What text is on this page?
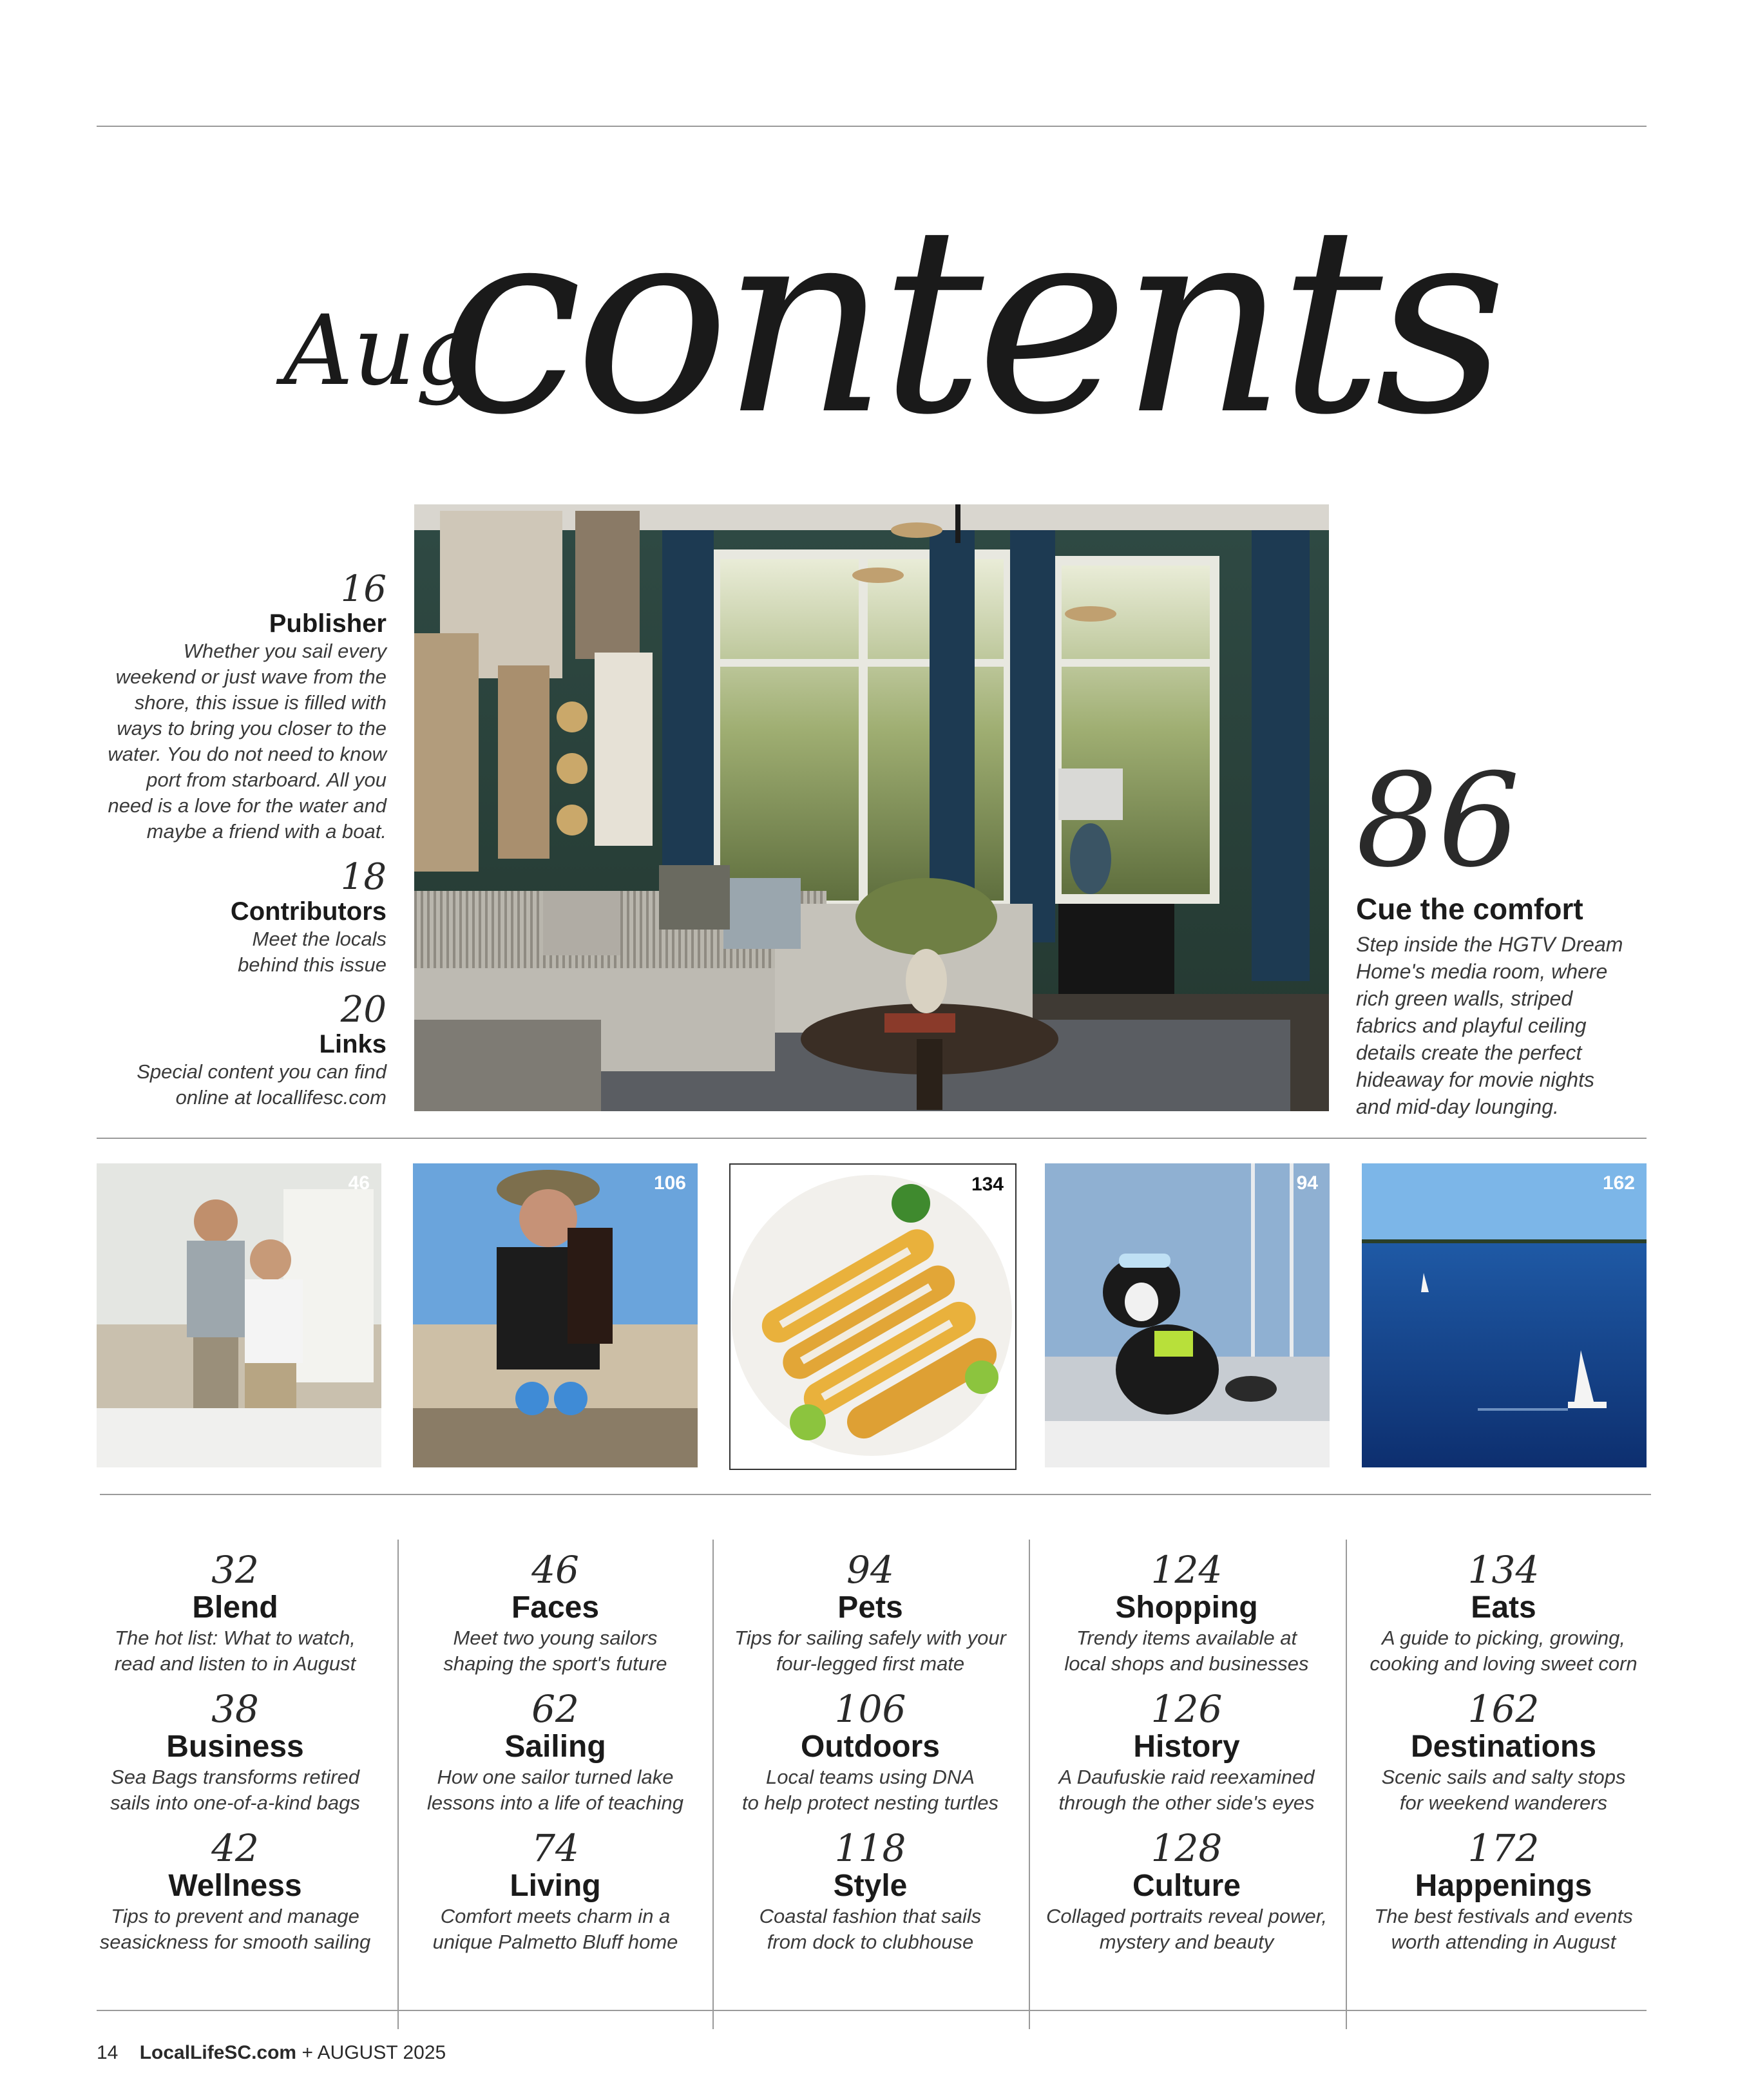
Aug
contents
16
Publisher
Whether you sail every
weekend or just wave from the
shore, this issue is filled with
ways to bring you closer to the
water. You do not need to know
port from starboard. All you
need is a love for the water and
maybe a friend with a boat.
18
Contributors
Meet the locals
behind this issue
20
Links
Special content you can find
online at locallifesc.com
86
Cue the comfort
Step inside the HGTV Dream
Home's media room, where
rich green walls, striped
fabrics and playful ceiling
details create the perfect
hideaway for movie nights
and mid-day lounging.
46	106	134	94	162
32
Blend
The hot list: What to watch,
read and listen to in August
38
Business
Sea Bags transforms retired
sails into one-of-a-kind bags
42
Wellness
Tips to prevent and manage
seasickness for smooth sailing
46
Faces
Meet two young sailors
shaping the sport's future
62
Sailing
How one sailor turned lake
lessons into a life of teaching
74
Living
Comfort meets charm in a
unique Palmetto Bluff home
94
Pets
Tips for sailing safely with your
four-legged first mate
106
Outdoors
Local teams using DNA
to help protect nesting turtles
118
Style
Coastal fashion that sails
from dock to clubhouse
124
Shopping
Trendy items available at
local shops and businesses
126
History
A Daufuskie raid reexamined
through the other side's eyes
128
Culture
Collaged portraits reveal power,
mystery and beauty
134
Eats
A guide to picking, growing,
cooking and loving sweet corn
162
Destinations
Scenic sails and salty stops
for weekend wanderers
172
Happenings
The best festivals and events
worth attending in August
14 LocalLifeSC.com + AUGUST 2025
